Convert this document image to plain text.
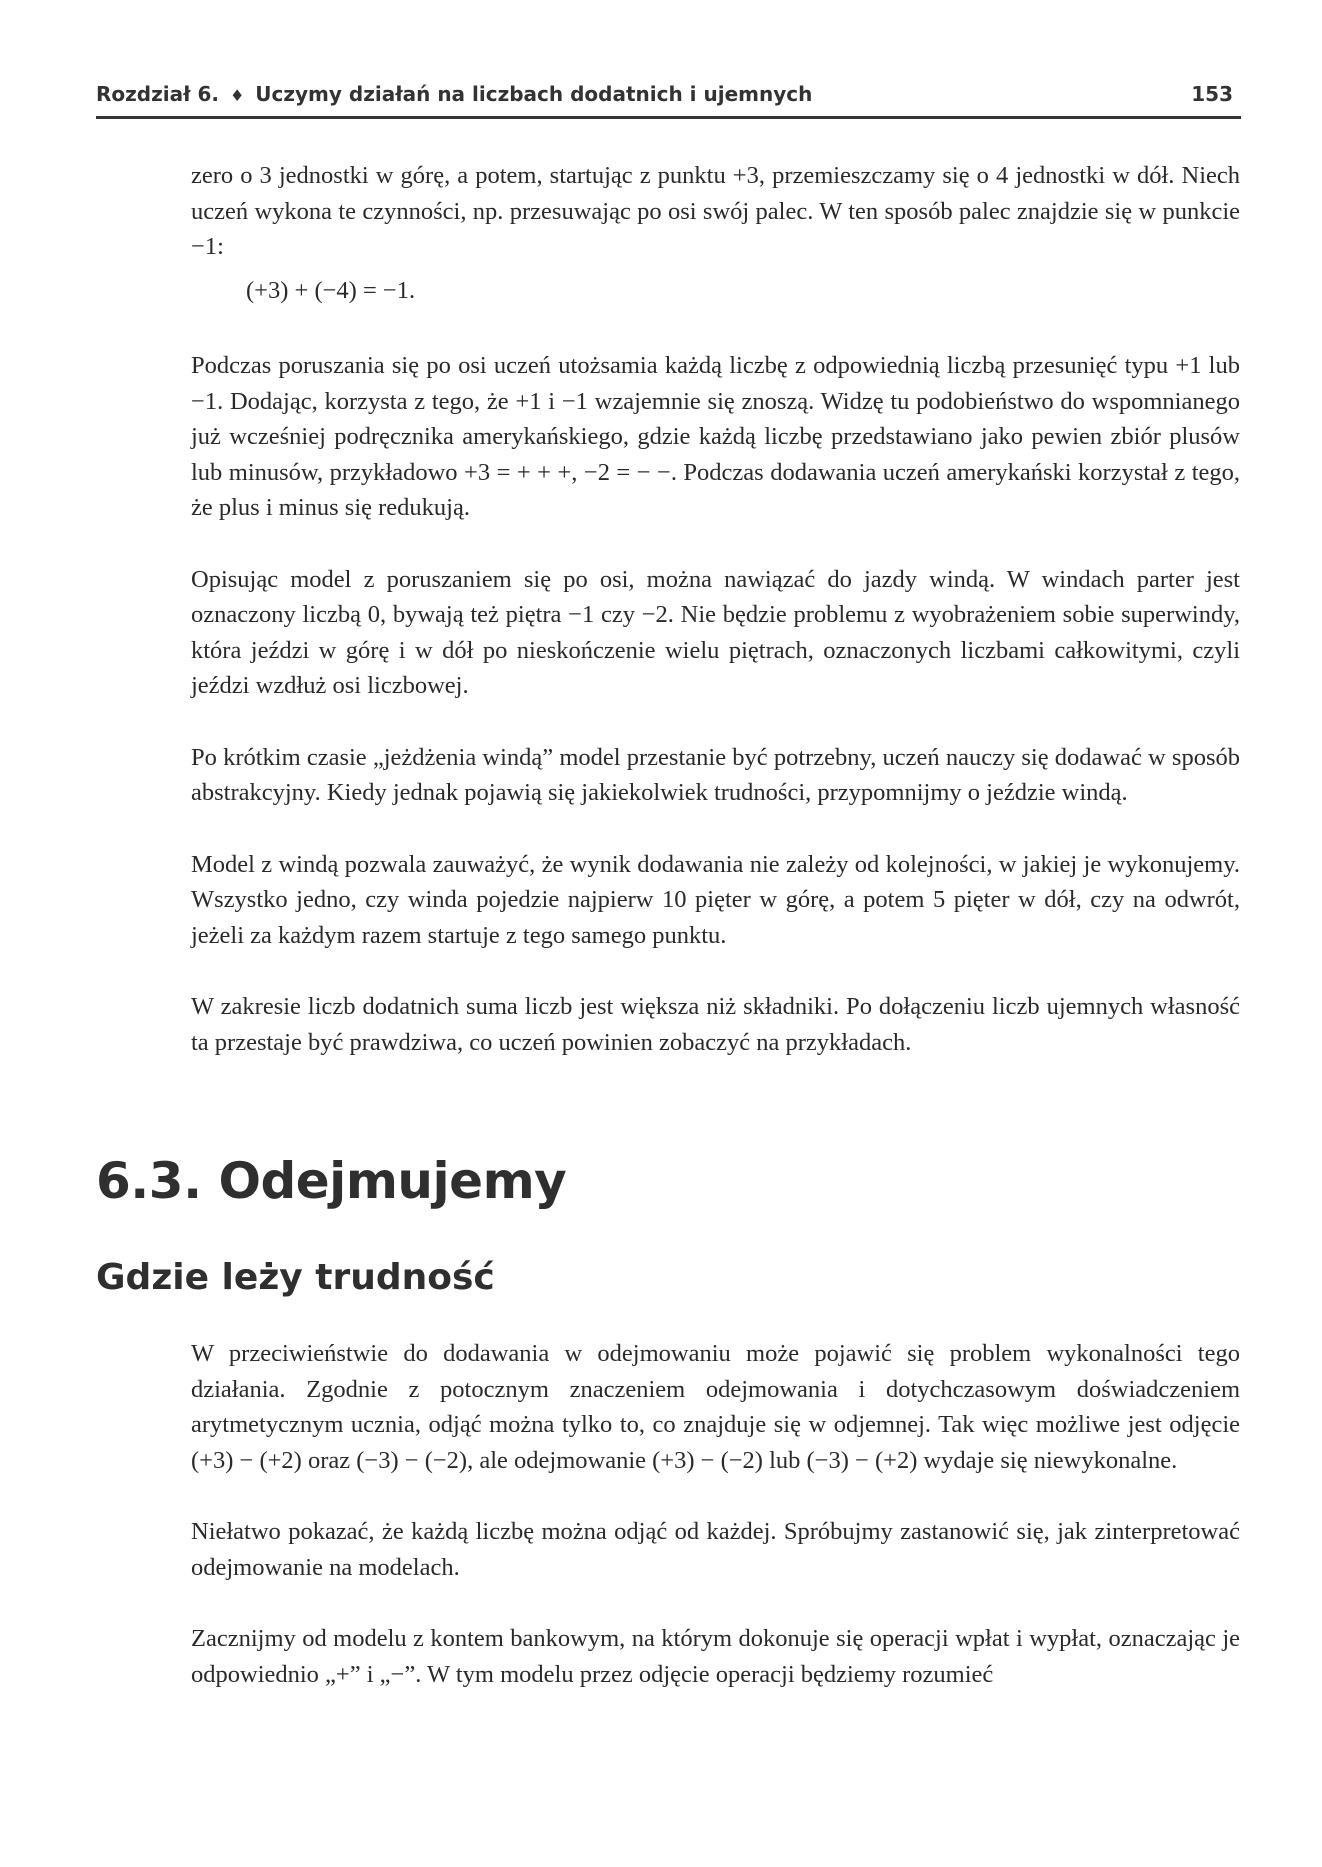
Rozdział 6. ♦ Uczymy działań na liczbach dodatnich i ujemnych	153

zero o 3 jednostki w górę, a potem, startując z punktu +3, przemieszczamy się o 4 jednostki w dół. Niech uczeń wykona te czynności, np. przesuwając po osi swój palec. W ten sposób palec znajdzie się w punkcie −1:

(+3) + (−4) = −1.

Podczas poruszania się po osi uczeń utożsamia każdą liczbę z odpowiednią liczbą przesunięć typu +1 lub −1. Dodając, korzysta z tego, że +1 i −1 wzajemnie się znoszą. Widzę tu podobieństwo do wspomnianego już wcześniej podręcznika amerykańskiego, gdzie każdą liczbę przedstawiano jako pewien zbiór plusów lub minusów, przykładowo +3 = + + +, −2 = − −. Podczas dodawania uczeń amerykański korzystał z tego, że plus i minus się redukują.

Opisując model z poruszaniem się po osi, można nawiązać do jazdy windą. W windach parter jest oznaczony liczbą 0, bywają też piętra −1 czy −2. Nie będzie problemu z wyobrażeniem sobie superwindy, która jeździ w górę i w dół po nieskończenie wielu piętrach, oznaczonych liczbami całkowitymi, czyli jeździ wzdłuż osi liczbowej.

Po krótkim czasie „jeżdżenia windą” model przestanie być potrzebny, uczeń nauczy się dodawać w sposób abstrakcyjny. Kiedy jednak pojawią się jakiekolwiek trudności, przypomnijmy o jeździe windą.

Model z windą pozwala zauważyć, że wynik dodawania nie zależy od kolejności, w jakiej je wykonujemy. Wszystko jedno, czy winda pojedzie najpierw 10 pięter w górę, a potem 5 pięter w dół, czy na odwrót, jeżeli za każdym razem startuje z tego samego punktu.

W zakresie liczb dodatnich suma liczb jest większa niż składniki. Po dołączeniu liczb ujemnych własność ta przestaje być prawdziwa, co uczeń powinien zobaczyć na przykładach.

6.3. Odejmujemy
Gdzie leży trudność

W przeciwieństwie do dodawania w odejmowaniu może pojawić się problem wykonalności tego działania. Zgodnie z potocznym znaczeniem odejmowania i dotychczasowym doświadczeniem arytmetycznym ucznia, odjąć można tylko to, co znajduje się w odjemnej. Tak więc możliwe jest odjęcie (+3) − (+2) oraz (−3) − (−2), ale odejmowanie (+3) − (−2) lub (−3) − (+2) wydaje się niewykonalne.

Niełatwo pokazać, że każdą liczbę można odjąć od każdej. Spróbujmy zastanowić się, jak zinterpretować odejmowanie na modelach.

Zacznijmy od modelu z kontem bankowym, na którym dokonuje się operacji wpłat i wypłat, oznaczając je odpowiednio „+” i „−”. W tym modelu przez odjęcie operacji będziemy rozumieć
